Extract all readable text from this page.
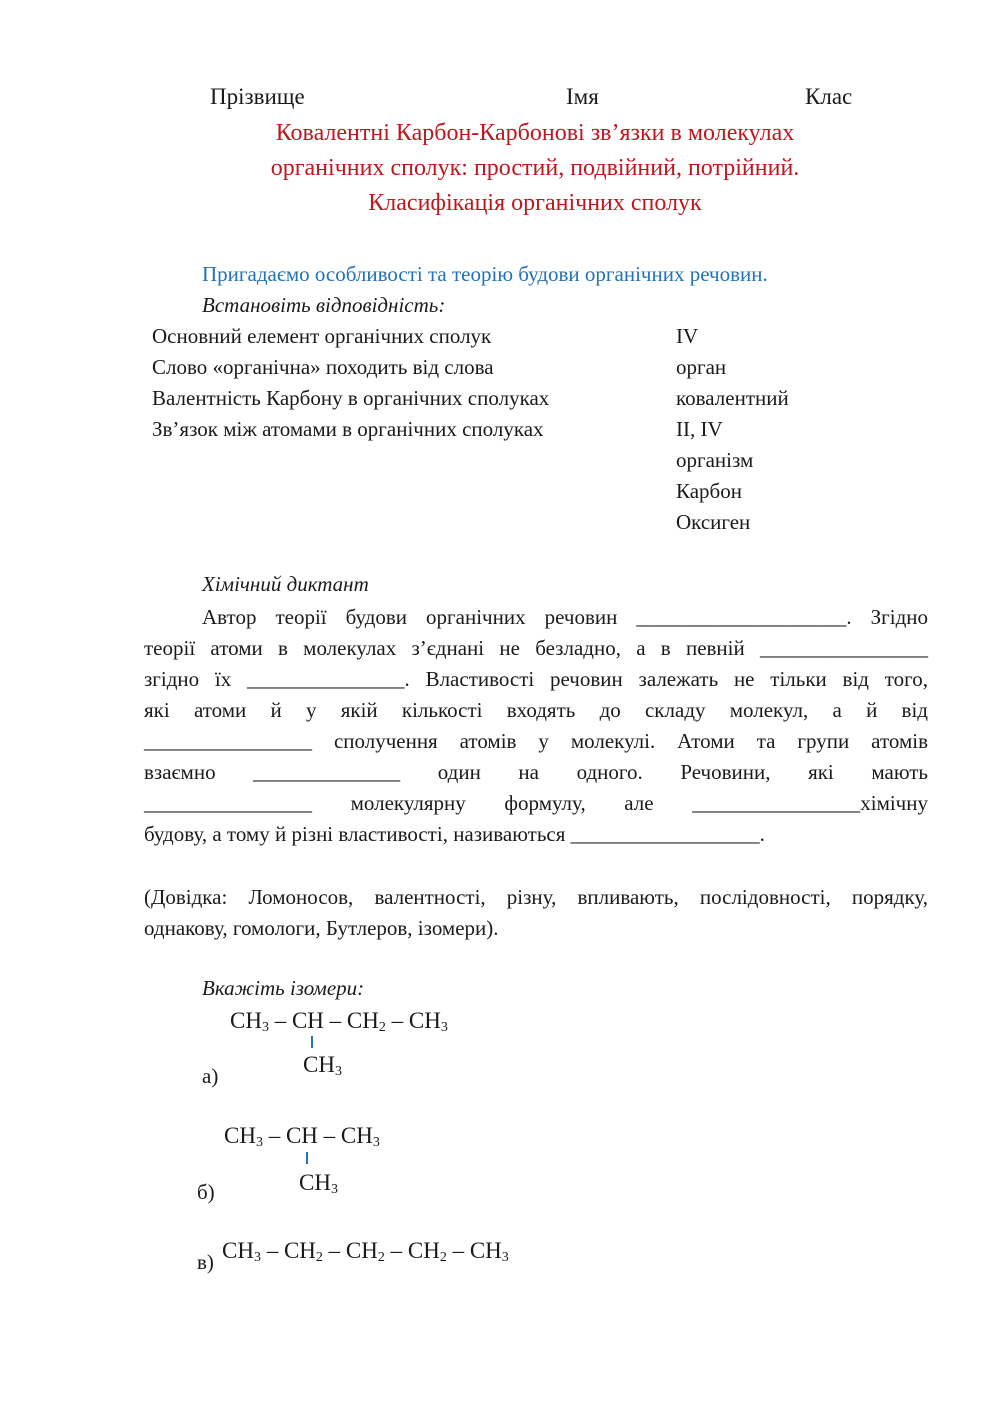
Прізвище	Імя	Клас
Ковалентні Карбон-Карбонові зв’язки в молекулах
органічних сполук: простий, подвійний, потрійний.
Класифікація органічних сполук
Пригадаємо особливості та теорію будови органічних речовин.
Встановіть відповідність:
Основний елемент органічних сполук
Слово «органічна» походить від слова
Валентність Карбону в органічних сполуках
Зв’язок між атомами в органічних сполуках
IV
орган
ковалентний
II, IV
організм
Карбон
Оксиген
Хімічний диктант
Автор теорії будови органічних речовин ____________________. Згідно
теорії атоми в молекулах з’єднані не безладно, а в певній ________________
згідно їх _______________. Властивості речовин залежать не тільки від того,
які атоми й у якій кількості входять до складу молекул, а й від
________________ сполучення атомів у молекулі. Атоми та групи атомів
взаємно ______________ один на одного. Речовини, які мають
________________ молекулярну формулу, але ________________хімічну
будову, а тому й різні властивості, називаються __________________.
(Довідка: Ломоносов, валентності, різну, впливають, послідовності, порядку,
однакову, гомологи, Бутлеров, ізомери).
Вкажіть ізомери:
$CH_3$ – CH – $CH_2 - CH_3$
$CH_3$
а)
$CH_3$ – CH – $CH_3$
$CH_3$
б)
в) $CH_3 - CH_2 - CH_2 - CH_2 - CH_3$
